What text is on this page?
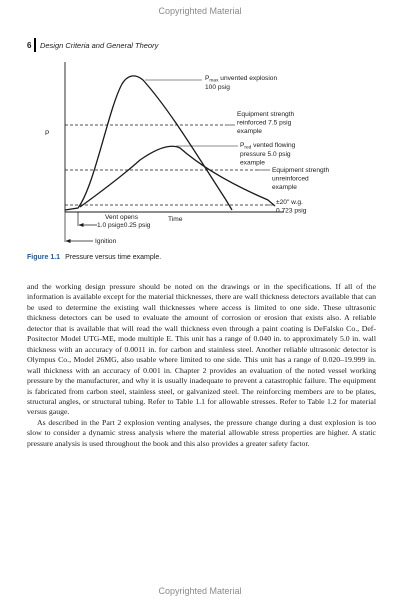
Copyrighted Material
6 Design Criteria and General Theory
P
Time
$P_{max}$ unvented explosion
100 psig
Equipment strength reinforced 7.5 psig example
$P_{red}$ vented flowing
pressure 5.0 psig example
Equipment strength unreinforced example
±20" w.g. 0.723 psig
Vent opens
1.0 psig±0.25 psig
Ignition
Figure 1.1 Pressure versus time example.

and the working design pressure should be noted on the drawings or in the specifications. If all of the information is available except for the material thicknesses, there are wall thickness detectors available that can be used to determine the existing wall thicknesses where access is limited to one side. These ultrasonic thickness detectors can be used to evaluate the amount of corrosion or erosion that exists also. A reliable detector that is available that will read the wall thickness even through a paint coating is DeFalsko Co., Def-Positector Model UTG-ME, mode multiple E. This unit has a range of 0.040 in. to approximately 5.0 in. wall thickness with an accuracy of 0.0011 in. for carbon and stainless steel. Another reliable ultrasonic detector is Olympus Co., Model 26MG, also usable where limited to one side. This unit has a range of 0.020–19.999 in. wall thickness with an accuracy of 0.001 in. Chapter 2 provides an evaluation of the noted vessel working pressure by the manufacturer, and why it is usually inadequate to prevent a catastrophic failure. The equipment is fabricated from carbon steel, stainless steel, or galvanized steel. The reinforcing members are to be plates, structural angles, or structural tubing. Refer to Table 1.1 for allowable stresses. Refer to Table 1.2 for material versus gauge.

As described in the Part 2 explosion venting analyses, the pressure change during a dust explosion is too slow to consider a dynamic stress analysis where the material allowable stress properties are higher. A static pressure analysis is used throughout the book and this also provides a greater safety factor.

Copyrighted Material
